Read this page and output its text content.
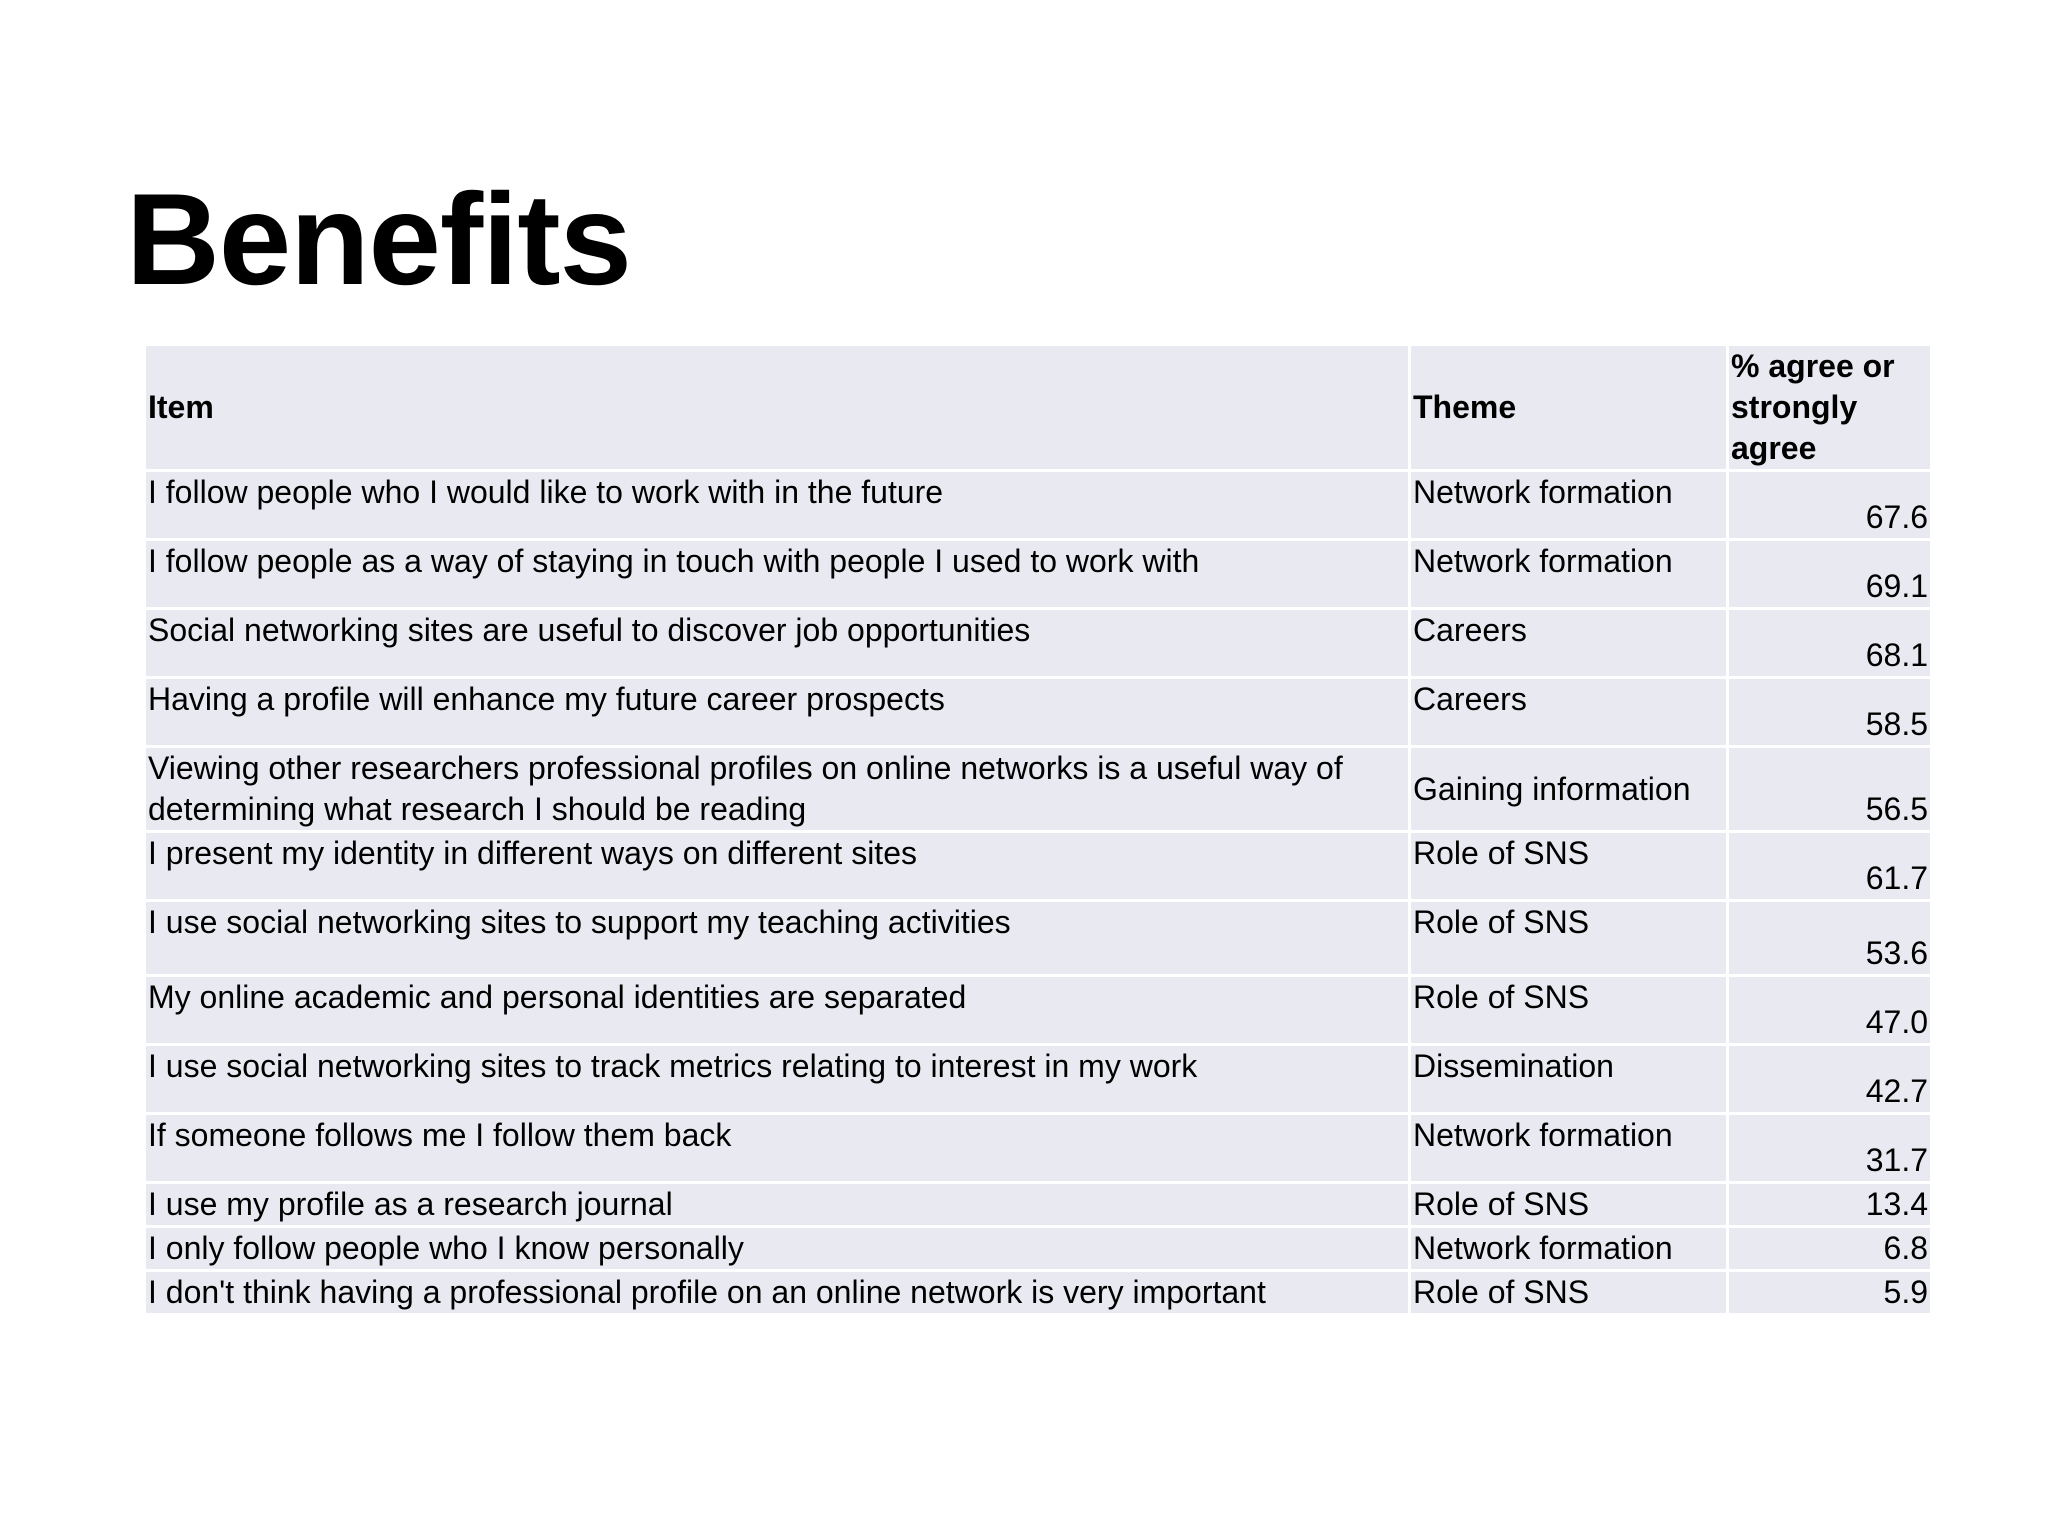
Benefits
Item	Theme	% agree or strongly agree
I follow people who I would like to work with in the future	Network formation	67.6
I follow people as a way of staying in touch with people I used to work with	Network formation	69.1
Social networking sites are useful to discover job opportunities	Careers	68.1
Having a profile will enhance my future career prospects	Careers	58.5
Viewing other researchers professional profiles on online networks is a useful way of determining what research I should be reading	Gaining information	56.5
I present my identity in different ways on different sites	Role of SNS	61.7
I use social networking sites to support my teaching activities	Role of SNS	53.6
My online academic and personal identities are separated	Role of SNS	47.0
I use social networking sites to track metrics relating to interest in my work	Dissemination	42.7
If someone follows me I follow them back	Network formation	31.7
I use my profile as a research journal	Role of SNS	13.4
I only follow people who I know personally	Network formation	6.8
I don't think having a professional profile on an online network is very important	Role of SNS	5.9
